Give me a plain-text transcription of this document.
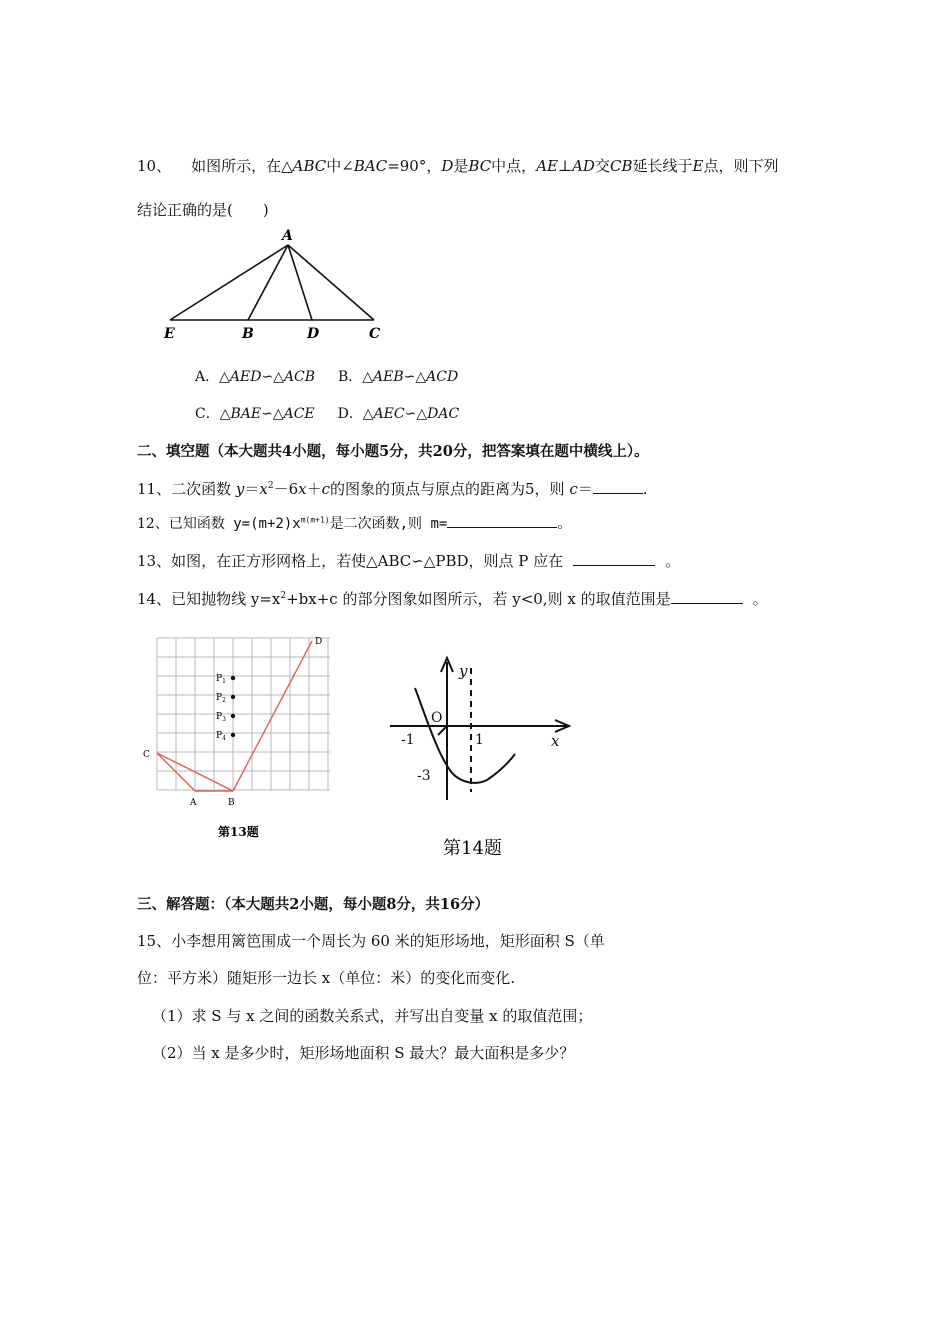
10、 如图所示，在△ABC中∠BAC=90°，D是BC中点，AE⊥AD交CB延长线于E点，则下列
结论正确的是(　　)
A
E	B	D	C
A．△AED∽△ACB B．△AEB∽△ACD
C．△BAE∽△ACE D．△AEC∽△DAC
二、填空题（本大题共4小题，每小题5分，共20分，把答案填在题中横线上）。
11、二次函数 $y=x^2-6x+c$的图象的顶点与原点的距离为5，则 c＝	.
12、已知函数 $y=(m+2)x^{m(m+1)}$是二次函数,则 m=	。
13、如图，在正方形网格上，若使△ABC∽△PBD，则点 P 应在	。
14、已知抛物线 $y=x^2+bx+c$ 的部分图象如图所示，若 y<0,则 x 的取值范围是	。
D
C
A	B
$P_1$
$P_2$
$P_3$
$P_4$
第13题
y
O
-1	1	x
-3
第14题
三、解答题：（本大题共2小题，每小题8分，共16分）
15、小李想用篱笆围成一个周长为 60 米的矩形场地，矩形面积 S（单
位：平方米）随矩形一边长 x（单位：米）的变化而变化.
（1）求 S 与 x 之间的函数关系式，并写出自变量 x 的取值范围；
（2）当 x 是多少时，矩形场地面积 S 最大？最大面积是多少？
